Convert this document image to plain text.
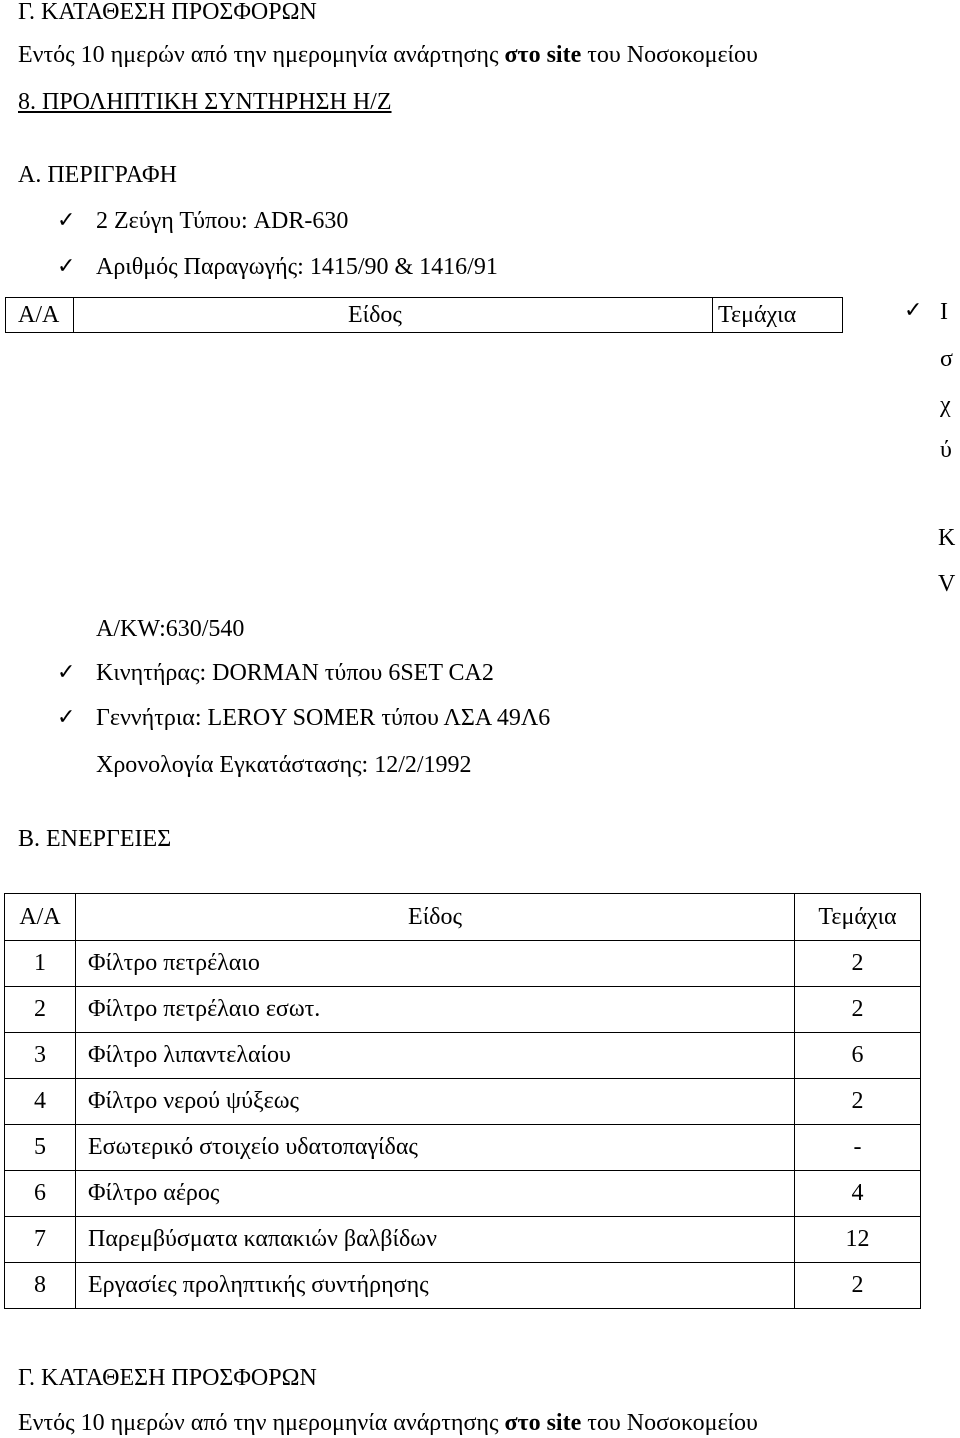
Γ. ΚΑΤΑΘΕΣΗ ΠΡΟΣΦΟΡΩΝ
Εντός 10 ημερών από την ημερομηνία ανάρτησης στο site του Νοσοκομείου
8. ΠΡΟΛΗΠΤΙΚΗ ΣΥΝΤΗΡΗΣΗ Η/Ζ
Α. ΠΕΡΙΓΡΑΦΗ
✓ 2 Ζεύγη Τύπου: ADR-630
✓ Αριθμός Παραγωγής: 1415/90 & 1416/91
Α/Α	Είδος	Τεμάχια	✓ Ι
σ
χ
ύ
Κ
V
A/KW:630/540
✓ Κινητήρας: DORMAN τύπου 6SET CA2
✓ Γεννήτρια: LEROY SOMER τύπου ΛΣΑ 49Λ6
Χρονολογία Εγκατάστασης: 12/2/1992
Β. ΕΝΕΡΓΕΙΕΣ
Α/Α	Είδος	Τεμάχια
1	Φίλτρο πετρέλαιο	2
2	Φίλτρο πετρέλαιο εσωτ.	2
3	Φίλτρο λιπαντελαίου	6
4	Φίλτρο νερού ψύξεως	2
5	Εσωτερικό στοιχείο υδατοπαγίδας	-
6	Φίλτρο αέρος	4
7	Παρεμβύσματα καπακιών βαλβίδων	12
8	Εργασίες προληπτικής συντήρησης	2
Γ. ΚΑΤΑΘΕΣΗ ΠΡΟΣΦΟΡΩΝ
Εντός 10 ημερών από την ημερομηνία ανάρτησης στο site του Νοσοκομείου
